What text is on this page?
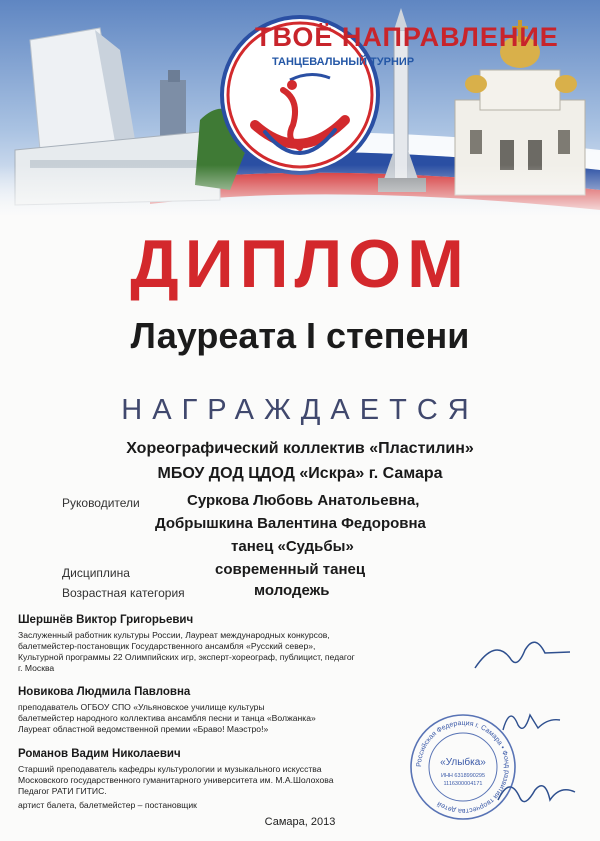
ТВОЁ НАПРАВЛЕНИЕ
ТАНЦЕВАЛЬНЫЙ ТУРНИР
ДИПЛОМ
Лауреата I степени
НАГРАЖДАЕТСЯ
Хореографический коллектив «Пластилин»
МБОУ ДОД ЦДОД «Искра» г. Самара
Руководители	Суркова Любовь Анатольевна,
Добрышкина Валентина Федоровна
танец «Судьбы»
Дисциплина	современный танец
Возрастная категория	молодежь
Шершнёв Виктор Григорьевич
Заслуженный работник культуры России, Лауреат международных конкурсов,
балетмейстер-постановщик Государственного ансамбля «Русский север»,
Культурной программы 22 Олимпийских игр, эксперт-хореограф, публицист, педагог
г. Москва
Новикова Людмила Павловна
преподаватель ОГБОУ СПО «Ульяновское училище культуры
балетмейстер народного коллектива ансамбля песни и танца «Волжанка»
Лауреат областной ведомственной премии «Браво! Маэстро!»
Романов Вадим Николаевич
Старший преподаватель кафедры культурологии и музыкального искусства
Московского государственного гуманитарного университета им. М.А.Шолохова
Педагог РАТИ ГИТИС.
артист балета, балетмейстер – постановщик
Российская Федерация г. Самара • Фонд развития творчества детей
«Улыбка»
ИНН 6318990295
1116300004171
Самара, 2013
